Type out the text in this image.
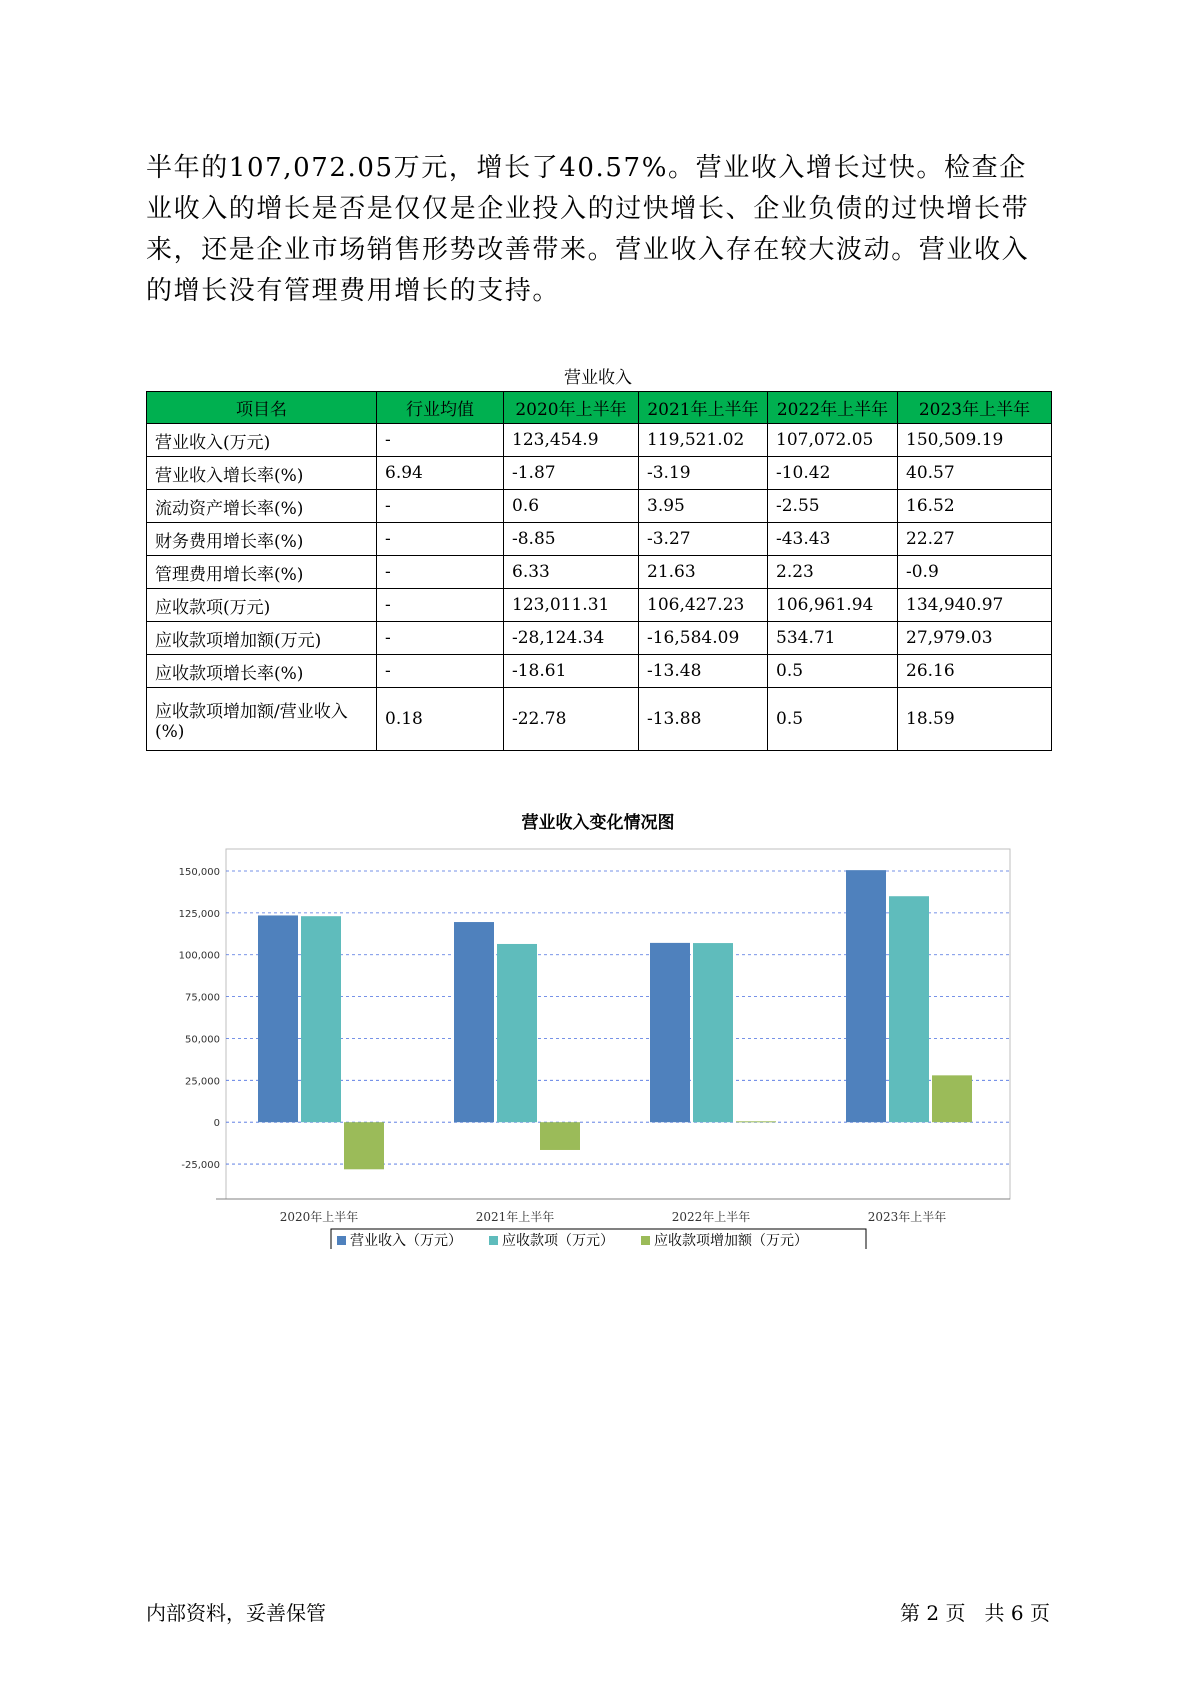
半年的107,072.05万元，增长了40.57%。营业收入增长过快。检查企业收入的增长是否是仅仅是企业投入的过快增长、企业负债的过快增长带来，还是企业市场销售形势改善带来。营业收入存在较大波动。营业收入的增长没有管理费用增长的支持。

营业收入
项目名	行业均值	2020年上半年	2021年上半年	2022年上半年	2023年上半年
营业收入(万元)	-	123,454.9	119,521.02	107,072.05	150,509.19
营业收入增长率(%)	6.94	-1.87	-3.19	-10.42	40.57
流动资产增长率(%)	-	0.6	3.95	-2.55	16.52
财务费用增长率(%)	-	-8.85	-3.27	-43.43	22.27
管理费用增长率(%)	-	6.33	21.63	2.23	-0.9
应收款项(万元)	-	123,011.31	106,427.23	106,961.94	134,940.97
应收款项增加额(万元)	-	-28,124.34	-16,584.09	534.71	27,979.03
应收款项增长率(%)	-	-18.61	-13.48	0.5	26.16
应收款项增加额/营业收入(%)	0.18	-22.78	-13.88	0.5	18.59
营业收入变化情况图
150,000
125,000
100,000
75,000
50,000
25,000
0
-25,000
2020年上半年	2021年上半年	2022年上半年	2023年上半年
营业收入（万元）	应收款项（万元）	应收款项增加额（万元）
内部资料，妥善保管	第 2 页   共 6 页
